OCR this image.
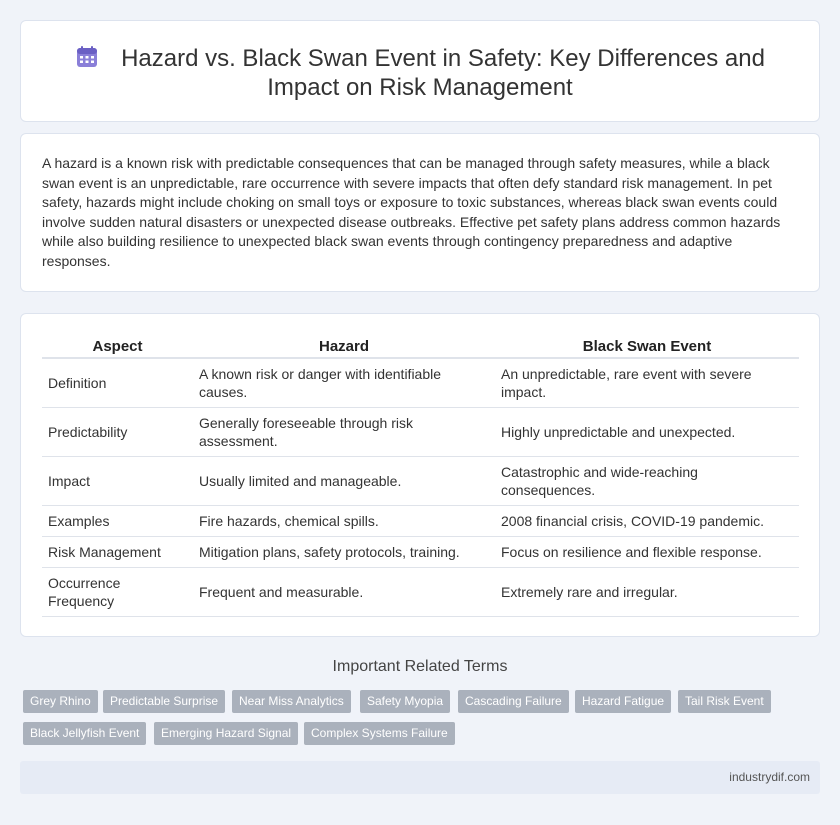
Hazard vs. Black Swan Event in Safety: Key Differences and Impact on Risk Management

A hazard is a known risk with predictable consequences that can be managed through safety measures, while a black swan event is an unpredictable, rare occurrence with severe impacts that often defy standard risk management. In pet safety, hazards might include choking on small toys or exposure to toxic substances, whereas black swan events could involve sudden natural disasters or unexpected disease outbreaks. Effective pet safety plans address common hazards while also building resilience to unexpected black swan events through contingency preparedness and adaptive responses.

Aspect	Hazard	Black Swan Event
Definition	A known risk or danger with identifiable causes.	An unpredictable, rare event with severe impact.
Predictability	Generally foreseeable through risk assessment.	Highly unpredictable and unexpected.
Impact	Usually limited and manageable.	Catastrophic and wide-reaching consequences.
Examples	Fire hazards, chemical spills.	2008 financial crisis, COVID-19 pandemic.
Risk Management	Mitigation plans, safety protocols, training.	Focus on resilience and flexible response.
Occurrence Frequency	Frequent and measurable.	Extremely rare and irregular.
Important Related Terms
Grey Rhino	Predictable Surprise	Near Miss Analytics	Safety Myopia	Cascading Failure	Hazard Fatigue	Tail Risk Event
Black Jellyfish Event	Emerging Hazard Signal	Complex Systems Failure
industrydif.com
